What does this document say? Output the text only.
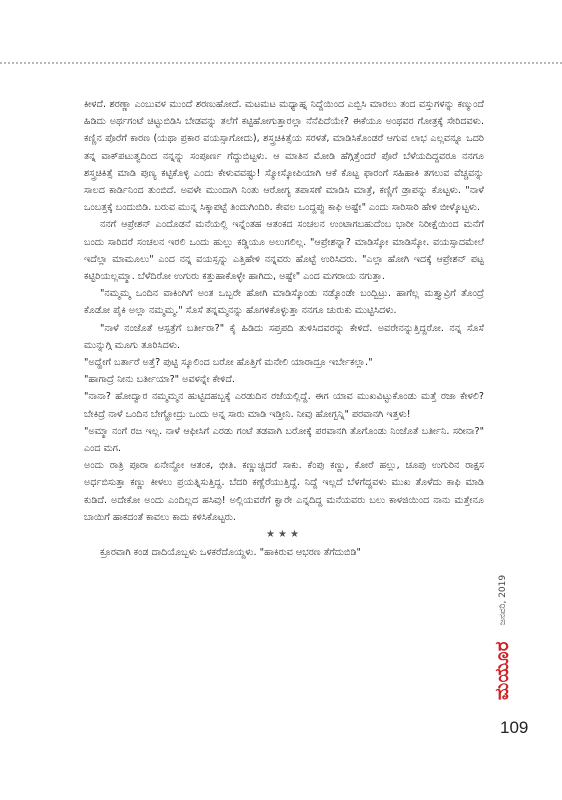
ಕೀಳದೆ. ಶರಣ್ಣಾ ಎಂಬುವಳ ಮುಂದೆ ಶರಣುಹೋದೆ. ಮಟಮಟ ಮಧ್ಯಾಹ್ನ ನಿದ್ದೆಯಿಂದ ಎಬ್ಬಿಸಿ ಮಾರಲು ತಂದ ವಸ್ತುಗಳನ್ನು ಕಣ್ಮುಂದೆ ಹಿಡಿದು ಅರ್ಥಗಂಟೆ ಚಿಟ್ಟುಬಿಡಿಸಿ ಬೇಡವನ್ನು ತಲೆಗೆ ಕಟ್ಟಿಹೋಗುತ್ತಾರಲ್ಲಾ ನೆನೆಪಿದೆಯೇ? ಈಕೆಯೂ ಅಂಥವರ ಗೋತ್ರಕ್ಕೆ ಸೇರಿದವಳು. ಕಣ್ಣಿನ ಪೊರೆಗೆ ಕಾರಣ (ಯಥಾ ಪ್ರಕಾರ ವಯಸ್ಸಾಗೋದು), ಶಸ್ತ್ರಚಿಕಿತ್ಸೆಯ ಸರಳತೆ, ಮಾಡಿಸಿಕೊಂಡರೆ ಆಗುವ ಲಾಭ ಎಲ್ಲವನ್ನೂ ಒದರಿ ತನ್ನ ವಾಕ್‌ಪಟುತ್ವದಿಂದ ನನ್ನನ್ನು ಸಂಪೂರ್ಣ ಗೆದ್ದುಬಿಟ್ಟಳು. ಆ ಮಾತಿನ ಮೋಡಿ ಹೆಗ್ಗಿತ್ತೆಂದರೆ ಪೊರೆ ಬೆಳೆಯದಿದ್ದವರೂ ನನಗೂ ಶಸ್ತ್ರಚಿಕಿತ್ಸೆ ಮಾಡಿ ಪುಣ್ಯ ಕಟ್ಟಿಕೊಳ್ಳಿ ಎಂದು ಕೇಳುವವಷ್ಟು! ಸ್ಮೋಸ್ಕೋಪಿಯಾಗಿ ಆಕೆ ಕೊಟ್ಟ ಫಾರಂಗೆ ಸಹಿಹಾಕಿ ತಗಲುವ ವೆಚ್ಚವನ್ನು ಸಾಲದ ಕಾರ್ಡಿನಿಂದ ತುಂಬಿದೆ. ಅವಳೇ ಮುಂದಾಗಿ ನಿಂತು ಆರೋಗ್ಯ ತಪಾಸಣೆ ಮಾಡಿಸಿ ಮಾತ್ರೆ, ಕಣ್ಣಿಗೆ ಡ್ರಾಪನ್ನು ಕೊಟ್ಟಳು. "ನಾಳೆ ಒಂಬತ್ತಕ್ಕೆ ಬಂದುಬಿಡಿ. ಬರುವ ಮುನ್ನ ಸಿಕ್ಕಾಪಟ್ಟೆ ತಿಂದುಗಿಂದಿರಿ. ಕೇವಲ ಒಂದ್ದಪ್ಪು ಕಾಫಿ ಅಷ್ಟೇ" ಎಂದು ಸಾರಿಸಾರಿ ಹೇಳಿ ಬೀಳ್ಕೊಟ್ಟಳು.

ನನಗೆ ಆಪ್ರೇಶನ್ ಎಂದೊಡನೆ ಮನೆಯಲ್ಲಿ ಇನ್ನೆಂತಹ ಆತಂಕದ ಸಂಚಲನ ಉಂಟಾಗಬಹುದೆಂಬ ಭಾರೀ ನಿರೀಕ್ಷೆಯಿಂದ ಮನೆಗೆ ಬಂದು ಸಾರಿದರೆ ಸಂಚಲನ ಇರಲಿ ಒಂದು ಹುಲ್ಲು ಕಡ್ಡಿಯೂ ಅಲುಗಲಿಲ್ಲ. "ಆಪ್ರೇಶನ್ನಾ? ಮಾಡಿಸ್ಕೋ ಮಾಡಿಸ್ಕೋ. ವಯಸ್ಸಾದಮೇಲೆ ಇದೆಲ್ಲಾ ಮಾಮೂಲು" ಎಂದ ನನ್ನ ವಯಸ್ಸನ್ನು ಎತ್ತಿಹೇಳಿ ನನ್ನವರು ಹೊಟ್ಟೆ ಉರಿಸಿದರು. "ಎಲ್ಲಾ ಹೋಗಿ ಇದಕ್ಕೆ ಆಪ್ರೇಶನ್ ಪಟ್ಟ ಕಟ್ಟಿರಿಯಲ್ಲಮ್ಮಾ. ಬೆಳೆದಿರೋ ಉಗುರು ಕತ್ತುಹಾಕೊಳ್ಳೇ ಹಾಗಿದು, ಅಷ್ಟೇ" ಎಂದ ಮಗರಾಯ ನಗುತ್ತಾ.

"ನಮ್ಮಮ್ಮ ಒಂದಿನ ವಾಕಿಂಗಿಗೆ ಅಂತ ಒಬ್ಬರೇ ಹೋಗಿ ಮಾಡಿಸ್ಕೊಂಡು ನಡ್ಕೊಂಡೇ ಬಂದ್ಬಿಟ್ರು. ಹಾಗೆಲ್ಲ ಮತ್ತ್ಯಾವ್ರಿಗೆ ತೊಂದ್ರೆ ಕೊಡೋ ಪೈಕಿ ಅಲ್ಲಾ ನಮ್ಮಮ್ಮ." ಸೊಸೆ ತನ್ನಮ್ಮನನ್ನು ಹೊಗಳಿಕೊಳ್ಳುತ್ತಾ ನನಗೂ ಚುರುಕು ಮುಟ್ಟಿಸಿದಳು.

"ನಾಳೆ ನಂಜೊತೆ ಆಸ್ಪತ್ರೆಗೆ ಬರ್ತೀರಾ?" ಕೈ ಹಿಡಿದು ಸಪ್ತಪದಿ ತುಳಿಸಿದವರನ್ನು ಕೇಳಿದೆ. ಅವರೇನನ್ನುತ್ತಿದ್ದರೋ. ನನ್ನ ಸೊಸೆ ಮುನ್ನುಗ್ಗಿ ಮೂಗು ತೂರಿಸಿದಳು.

"ಅದ್ಹೇಗೆ ಬರ್ತಾರೆ ಅತ್ತೆ? ಪುಟ್ಟಿ ಸ್ಕೂಲಿಂದ ಬರೋ ಹೊತ್ತಿಗೆ ಮನೇಲಿ ಯಾರಾದ್ರೂ ಇರ್ಬೇಕಲ್ಲಾ."

"ಹಾಗಾದ್ರೆ ನೀನು ಬರ್ತೀಯಾ?" ಅವಳನ್ನೇ ಕೇಳಿದೆ.

"ನಾನಾ? ಹೋದ್ವಾರ ನಮ್ಮಮ್ಮನ ಹುಟ್ಟಿದಹಬ್ಬಕ್ಕೆ ಎರಡುದಿನ ರಜೆಯಲ್ಲಿದ್ದೆ. ಈಗ ಯಾವ ಮುಖವಿಟ್ಟುಕೊಂಡು ಮತ್ತೆ ರಜಾ ಕೇಳಲಿ? ಬೇಕಿದ್ರೆ ನಾಳೆ ಒಂದಿನ ಬೇಗ್ಹೋದ್ರು ಒಂದು ಅನ್ನ ಸಾರು ಮಾಡಿ ಇಡ್ತೀನಿ. ನೀವು ಹೋಗ್ಬನ್ನಿ" ಪರವಾನಗಿ ಇತ್ತಳು!

"ಅಮ್ಮಾ ನಂಗೆ ರಜ ಇಲ್ಲ. ನಾಳೆ ಆಫೀಸಿಗೆ ಎರಡು ಗಂಟೆ ತಡವಾಗಿ ಬರೋಕ್ಕೆ ಪರವಾನಗಿ ತೊಗೊಂಡು ನಿಂಜೊತೆ ಬರ್ತೀನಿ. ಸರೀನಾ?" ಎಂದ ಮಗ.

ಅಂದು ರಾತ್ರಿ ಪೂರಾ ಏನೇನ್ದೋ ಆತಂಕ, ಭೀತಿ. ಕಣ್ಣುಚ್ಚಿದರೆ ಸಾಕು. ಕೆಂಪು ಕಣ್ಣು, ಕೋರೆ ಹಲ್ಲು, ಚೂಪು ಉಗುರಿನ ರಾಕ್ಷಸ ಅರ್ಧಬಿಸುತ್ತಾ ಕಣ್ಣು ಕೀಳಲು ಪ್ರಯತ್ನಿಸುತ್ತಿದ್ದ. ಬೆದರಿ ಕಣ್ಣೆರೆಯುತ್ತಿದ್ದೆ. ನಿದ್ದೆ ಇಲ್ಲದೆ ಬೆಳಗೆದ್ದವಳು ಮುಖ ತೊಳೆದು ಕಾಫಿ ಮಾಡಿ ಕುಡಿದೆ. ಅದೇಕೋ ಅಂದು ಎಂದಿಲ್ಲದ ಹಸಿವು! ಅಲ್ಲಿಯವರೆಗೆ ಕ್ವಾರೇ ಎನ್ನದಿದ್ದ ಮನೆಯವರು ಬಲು ಕಾಳಜಿಯಿಂದ ನಾನು ಮತ್ತೇನೂ ಬಾಯಿಗೆ ಹಾಕದಂತೆ ಕಾವಲು ಕಾದು ಕಳಿಸಿಕೊಟ್ಟರು.

★★★

ಕ್ರೂರವಾಗಿ ಕಂಡ ದಾದಿಯೊಬ್ಬಳು ಒಳಕರೆದೊಯ್ದಳು. "ಹಾಕಿರುವ ಆಭರಣ ತೆಗೆದುಬಿಡಿ"

ಮಯೂರ
ಜನವರಿ, 2019
109
